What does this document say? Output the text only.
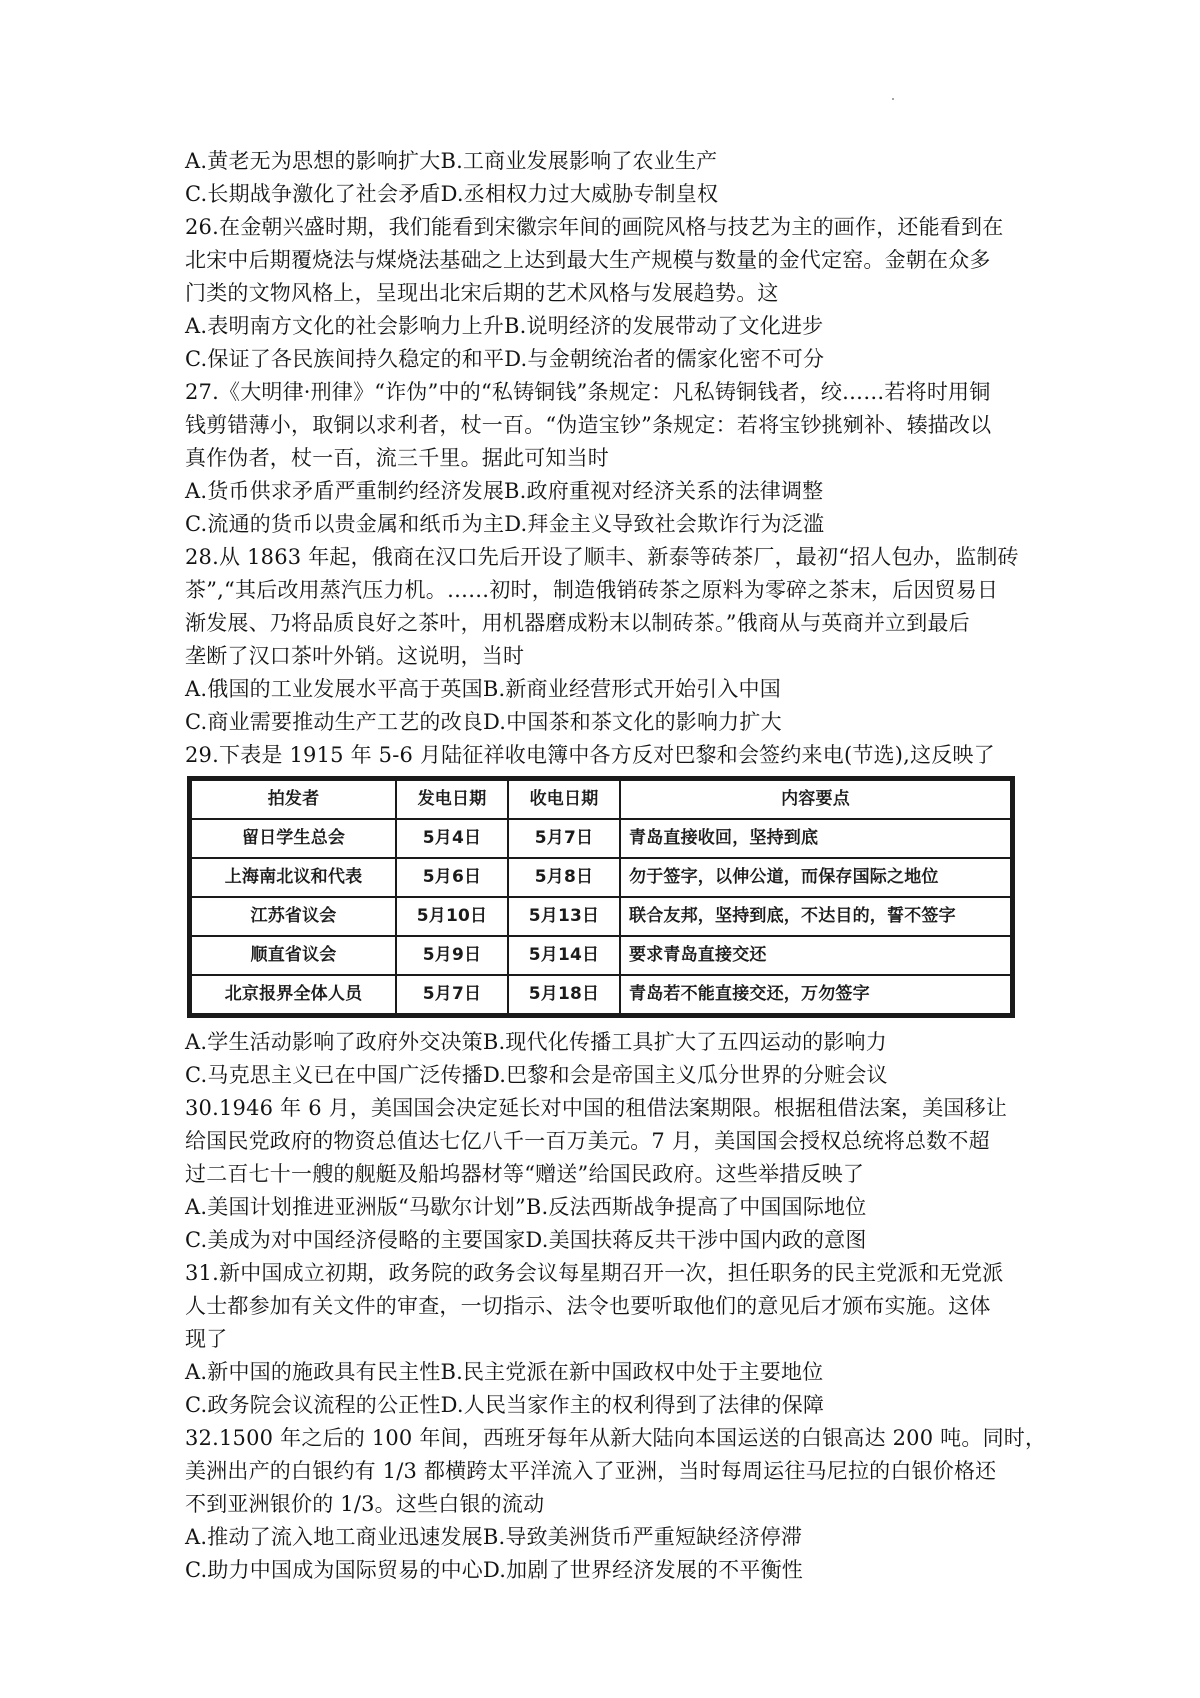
A.黄老无为思想的影响扩大B.工商业发展影响了农业生产
C.长期战争激化了社会矛盾D.丞相权力过大威胁专制皇权
26.在金朝兴盛时期，我们能看到宋徽宗年间的画院风格与技艺为主的画作，还能看到在
北宋中后期覆烧法与煤烧法基础之上达到最大生产规模与数量的金代定窑。金朝在众多
门类的文物风格上，呈现出北宋后期的艺术风格与发展趋势。这
A.表明南方文化的社会影响力上升B.说明经济的发展带动了文化进步
C.保证了各民族间持久稳定的和平D.与金朝统治者的儒家化密不可分
27.《大明律·刑律》“诈伪”中的“私铸铜钱”条规定：凡私铸铜钱者，绞……若将时用铜
钱剪错薄小，取铜以求利者，杖一百。“伪造宝钞”条规定：若将宝钞挑剜补、辏描改以
真作伪者，杖一百，流三千里。据此可知当时
A.货币供求矛盾严重制约经济发展B.政府重视对经济关系的法律调整
C.流通的货币以贵金属和纸币为主D.拜金主义导致社会欺诈行为泛滥
28.从 1863 年起，俄商在汉口先后开设了顺丰、新泰等砖茶厂，最初“招人包办，监制砖
茶”,“其后改用蒸汽压力机。……初时，制造俄销砖茶之原料为零碎之茶末，后因贸易日
渐发展、乃将品质良好之茶叶，用机器磨成粉末以制砖茶。”俄商从与英商并立到最后
垄断了汉口茶叶外销。这说明，当时
A.俄国的工业发展水平高于英国B.新商业经营形式开始引入中国
C.商业需要推动生产工艺的改良D.中国茶和茶文化的影响力扩大
29.下表是 1915 年 5-6 月陆征祥收电簿中各方反对巴黎和会签约来电(节选),这反映了
拍发者	发电日期	收电日期	内容要点
留日学生总会	5月4日	5月7日	青岛直接收回，坚持到底
上海南北议和代表	5月6日	5月8日	勿于签字，以伸公道，而保存国际之地位
江苏省议会	5月10日	5月13日	联合友邦，坚持到底，不达目的，誓不签字
顺直省议会	5月9日	5月14日	要求青岛直接交还
北京报界全体人员	5月7日	5月18日	青岛若不能直接交还，万勿签字
A.学生活动影响了政府外交决策B.现代化传播工具扩大了五四运动的影响力
C.马克思主义已在中国广泛传播D.巴黎和会是帝国主义瓜分世界的分赃会议
30.1946 年 6 月，美国国会决定延长对中国的租借法案期限。根据租借法案，美国移让
给国民党政府的物资总值达七亿八千一百万美元。7 月，美国国会授权总统将总数不超
过二百七十一艘的舰艇及船坞器材等“赠送”给国民政府。这些举措反映了
A.美国计划推进亚洲版“马歇尔计划”B.反法西斯战争提高了中国国际地位
C.美成为对中国经济侵略的主要国家D.美国扶蒋反共干涉中国内政的意图
31.新中国成立初期，政务院的政务会议每星期召开一次，担任职务的民主党派和无党派
人士都参加有关文件的审查，一切指示、法令也要听取他们的意见后才颁布实施。这体
现了
A.新中国的施政具有民主性B.民主党派在新中国政权中处于主要地位
C.政务院会议流程的公正性D.人民当家作主的权利得到了法律的保障
32.1500 年之后的 100 年间，西班牙每年从新大陆向本国运送的白银高达 200 吨。同时，
美洲出产的白银约有 1/3 都横跨太平洋流入了亚洲，当时每周运往马尼拉的白银价格还
不到亚洲银价的 1/3。这些白银的流动
A.推动了流入地工商业迅速发展B.导致美洲货币严重短缺经济停滞
C.助力中国成为国际贸易的中心D.加剧了世界经济发展的不平衡性
